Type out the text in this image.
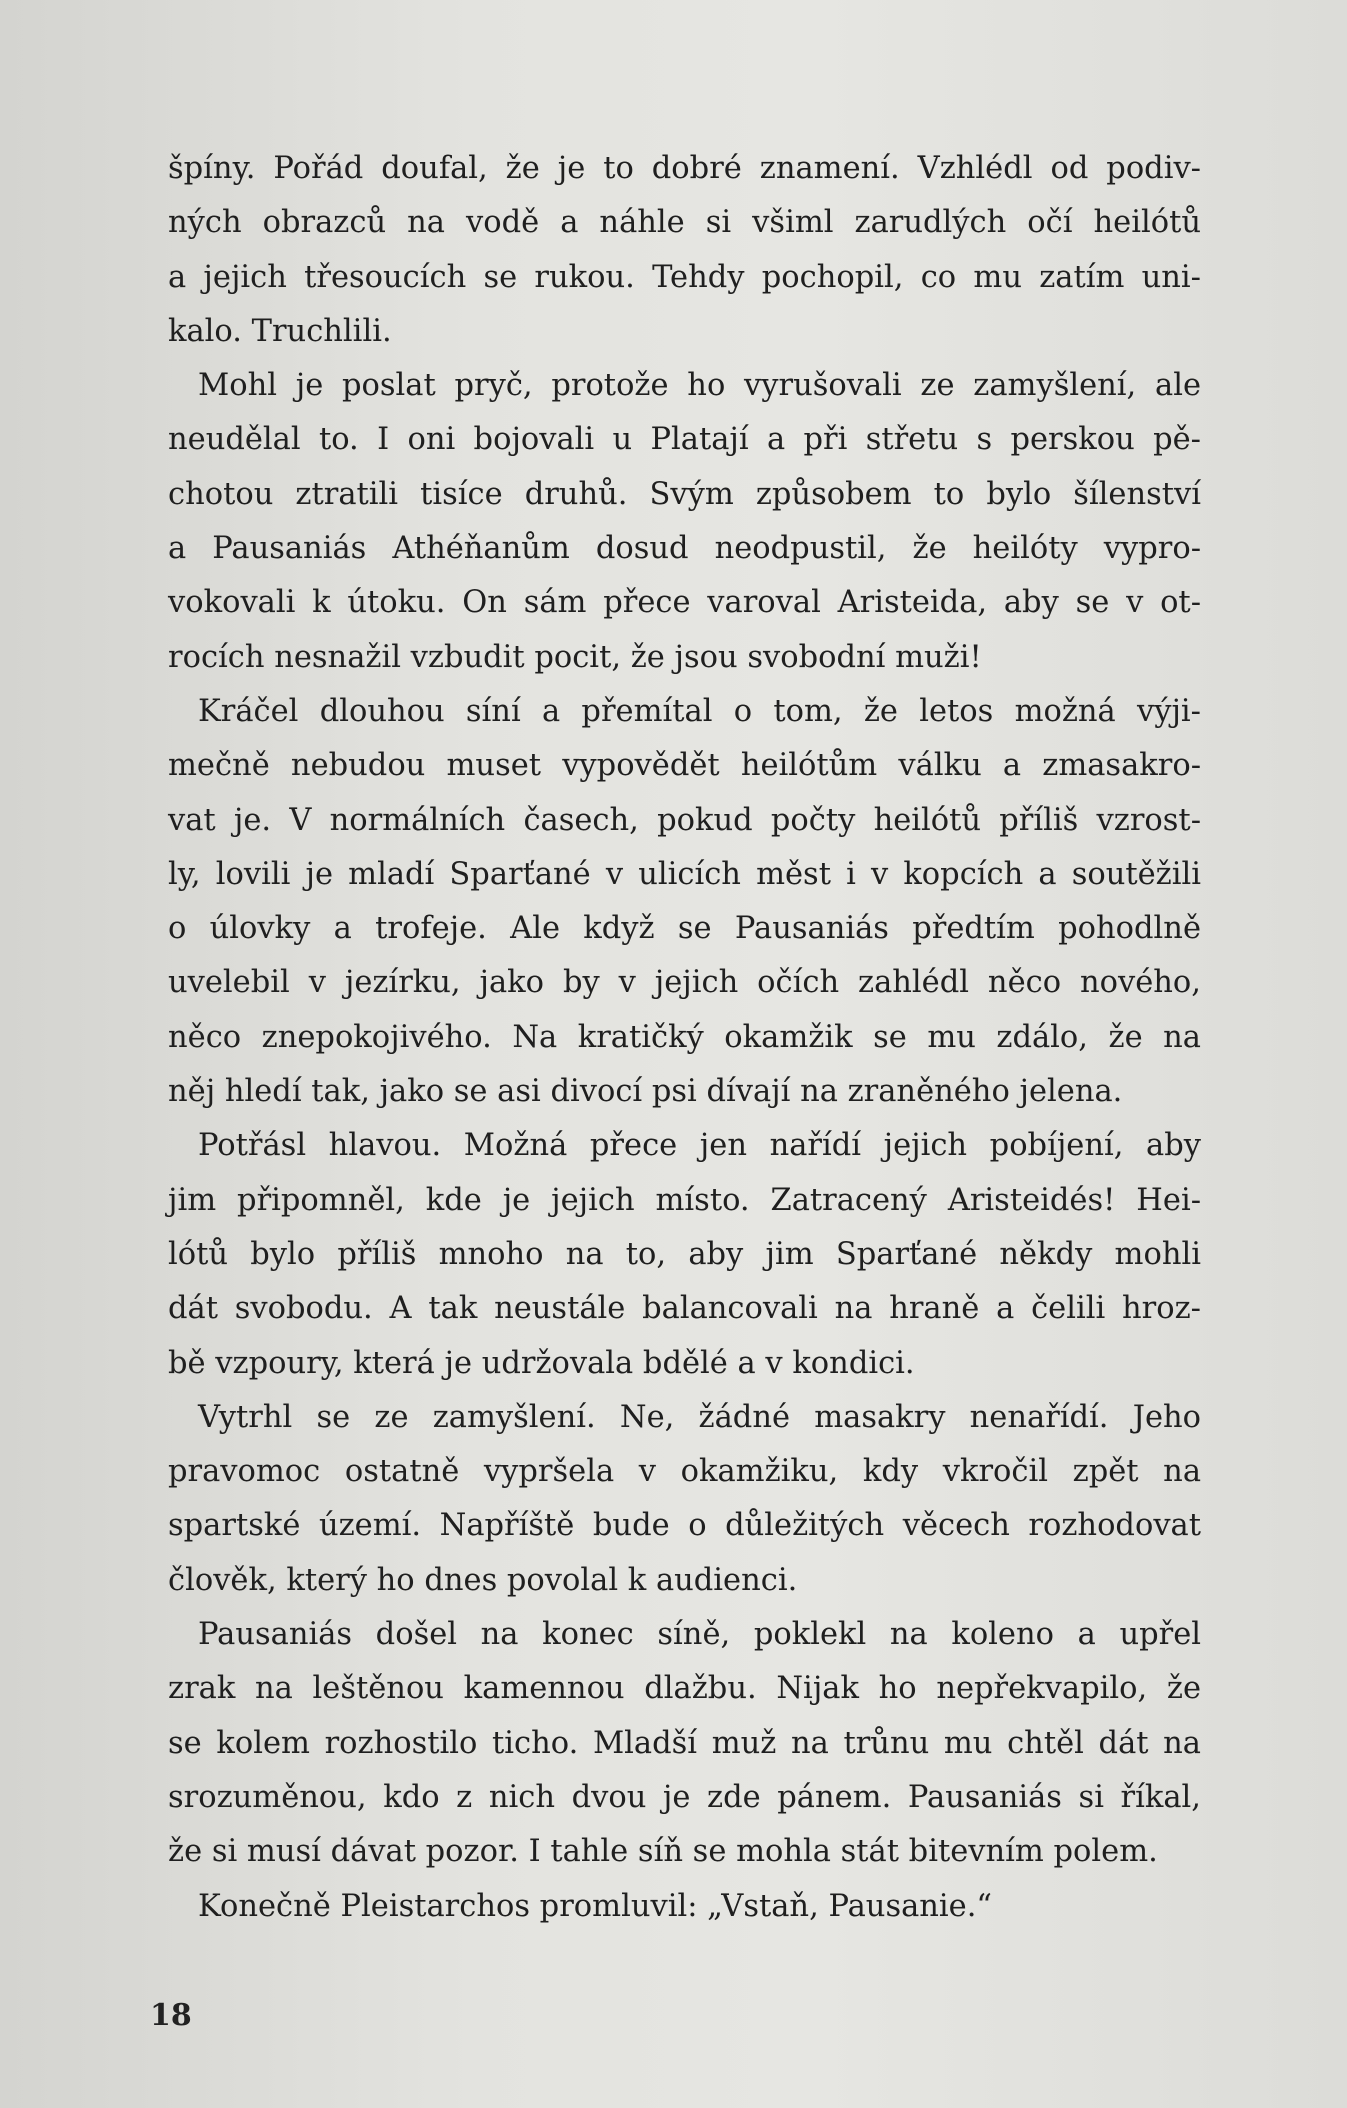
špíny. Pořád doufal, že je to dobré znamení. Vzhlédl od podiv-
ných obrazců na vodě a náhle si všiml zarudlých očí heilótů
a jejich třesoucích se rukou. Tehdy pochopil, co mu zatím uni-
kalo. Truchlili.
Mohl je poslat pryč, protože ho vyrušovali ze zamyšlení, ale
neudělal to. I oni bojovali u Platají a při střetu s perskou pě-
chotou ztratili tisíce druhů. Svým způsobem to bylo šílenství
a Pausaniás Athéňanům dosud neodpustil, že heilóty vypro-
vokovali k útoku. On sám přece varoval Aristeida, aby se v ot-
rocích nesnažil vzbudit pocit, že jsou svobodní muži!
Kráčel dlouhou síní a přemítal o tom, že letos možná výji-
mečně nebudou muset vypovědět heilótům válku a zmasakro-
vat je. V normálních časech, pokud počty heilótů příliš vzrost-
ly, lovili je mladí Sparťané v ulicích měst i v kopcích a soutěžili
o úlovky a trofeje. Ale když se Pausaniás předtím pohodlně
uvelebil v jezírku, jako by v jejich očích zahlédl něco nového,
něco znepokojivého. Na kratičký okamžik se mu zdálo, že na
něj hledí tak, jako se asi divocí psi dívají na zraněného jelena.
Potřásl hlavou. Možná přece jen nařídí jejich pobíjení, aby
jim připomněl, kde je jejich místo. Zatracený Aristeidés! Hei-
lótů bylo příliš mnoho na to, aby jim Sparťané někdy mohli
dát svobodu. A tak neustále balancovali na hraně a čelili hroz-
bě vzpoury, která je udržovala bdělé a v kondici.
Vytrhl se ze zamyšlení. Ne, žádné masakry nenařídí. Jeho
pravomoc ostatně vypršela v okamžiku, kdy vkročil zpět na
spartské území. Napříště bude o důležitých věcech rozhodovat
člověk, který ho dnes povolal k audienci.
Pausaniás došel na konec síně, poklekl na koleno a upřel
zrak na leštěnou kamennou dlažbu. Nijak ho nepřekvapilo, že
se kolem rozhostilo ticho. Mladší muž na trůnu mu chtěl dát na
srozuměnou, kdo z nich dvou je zde pánem. Pausaniás si říkal,
že si musí dávat pozor. I tahle síň se mohla stát bitevním polem.
Konečně Pleistarchos promluvil: „Vstaň, Pausanie.“
18
